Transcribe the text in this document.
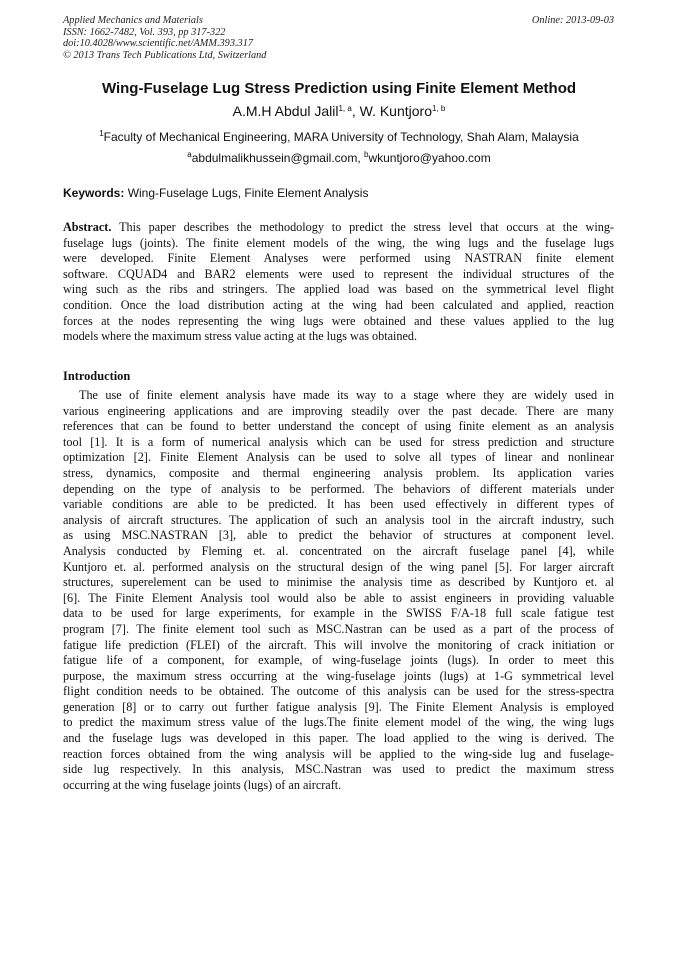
Applied Mechanics and Materials
ISSN: 1662-7482, Vol. 393, pp 317-322
doi:10.4028/www.scientific.net/AMM.393.317
© 2013 Trans Tech Publications Ltd, Switzerland
Online: 2013-09-03
Wing-Fuselage Lug Stress Prediction using Finite Element Method
A.M.H Abdul Jalil$^{1, a}$, W. Kuntjoro$^{1, b}$
$^1$Faculty of Mechanical Engineering, MARA University of Technology, Shah Alam, Malaysia
$^a$abdulmalikhussein@gmail.com, $^b$wkuntjoro@yahoo.com
Keywords: Wing-Fuselage Lugs, Finite Element Analysis
Abstract. This paper describes the methodology to predict the stress level that occurs at the wing-
fuselage lugs (joints). The finite element models of the wing, the wing lugs and the fuselage lugs
were developed. Finite Element Analyses were performed using NASTRAN finite element
software. CQUAD4 and BAR2 elements were used to represent the individual structures of the
wing such as the ribs and stringers. The applied load was based on the symmetrical level flight
condition. Once the load distribution acting at the wing had been calculated and applied, reaction
forces at the nodes representing the wing lugs were obtained and these values applied to the lug
models where the maximum stress value acting at the lugs was obtained.
Introduction
The use of finite element analysis have made its way to a stage where they are widely used in
various engineering applications and are improving steadily over the past decade. There are many
references that can be found to better understand the concept of using finite element as an analysis
tool [1]. It is a form of numerical analysis which can be used for stress prediction and structure
optimization [2]. Finite Element Analysis can be used to solve all types of linear and nonlinear
stress, dynamics, composite and thermal engineering analysis problem. Its application varies
depending on the type of analysis to be performed. The behaviors of different materials under
variable conditions are able to be predicted. It has been used effectively in different types of
analysis of aircraft structures. The application of such an analysis tool in the aircraft industry, such
as using MSC.NASTRAN [3], able to predict the behavior of structures at component level.
Analysis conducted by Fleming et. al. concentrated on the aircraft fuselage panel [4], while
Kuntjoro et. al. performed analysis on the structural design of the wing panel [5]. For larger aircraft
structures, superelement can be used to minimise the analysis time as described by Kuntjoro et. al
[6]. The Finite Element Analysis tool would also be able to assist engineers in providing valuable
data to be used for large experiments, for example in the SWISS F/A-18 full scale fatigue test
program [7]. The finite element tool such as MSC.Nastran can be used as a part of the process of
fatigue life prediction (FLEI) of the aircraft. This will involve the monitoring of crack initiation or
fatigue life of a component, for example, of wing-fuselage joints (lugs). In order to meet this
purpose, the maximum stress occurring at the wing-fuselage joints (lugs) at 1-G symmetrical level
flight condition needs to be obtained. The outcome of this analysis can be used for the stress-spectra
generation [8] or to carry out further fatigue analysis [9]. The Finite Element Analysis is employed
to predict the maximum stress value of the lugs.The finite element model of the wing, the wing lugs
and the fuselage lugs was developed in this paper. The load applied to the wing is derived. The
reaction forces obtained from the wing analysis will be applied to the wing-side lug and fuselage-
side lug respectively. In this analysis, MSC.Nastran was used to predict the maximum stress
occurring at the wing fuselage joints (lugs) of an aircraft.
